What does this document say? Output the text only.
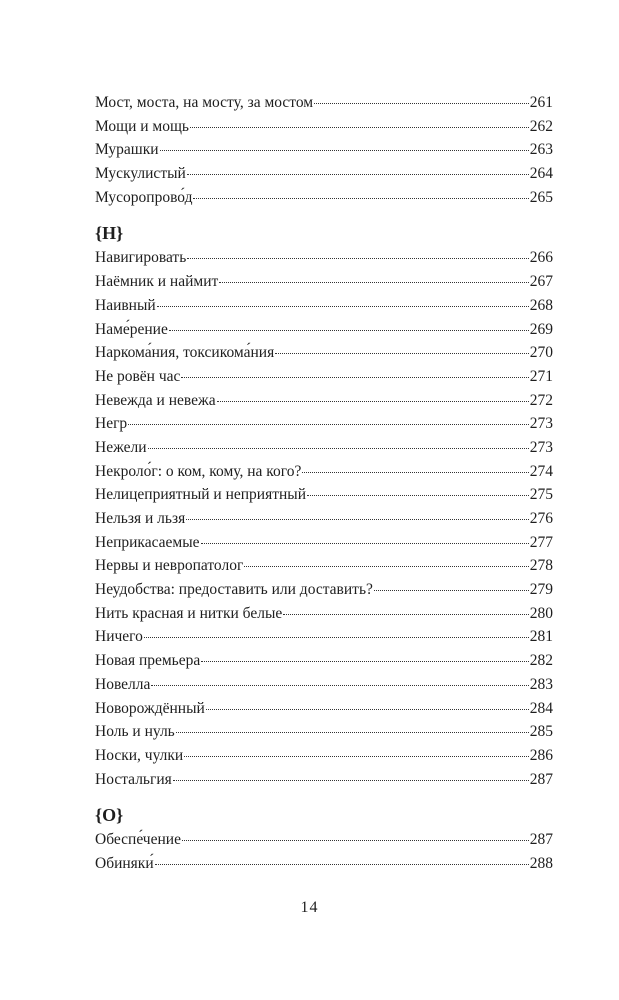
Мост, моста, на мосту, за мостом	261
Мощи и мощь	262
Мурашки	263
Мускулистый	264
Мусоропрово́д	265
{Н}
Навигировать	266
Наёмник и наймит	267
Наивный	268
Наме́рение	269
Наркома́ния, токсикома́ния	270
Не ровён час	271
Невежда и невежа	272
Негр	273
Нежели	273
Некроло́г: о ком, кому, на кого?	274
Нелицеприятный и неприятный	275
Нельзя и льзя	276
Неприкасаемые	277
Нервы и невропатолог	278
Неудобства: предоставить или доставить?	279
Нить красная и нитки белые	280
Ничего	281
Новая премьера	282
Новелла	283
Новорождённый	284
Ноль и нуль	285
Носки, чулки	286
Ностальгия	287
{О}
Обеспе́чение	287
Обиняки́	288
14
